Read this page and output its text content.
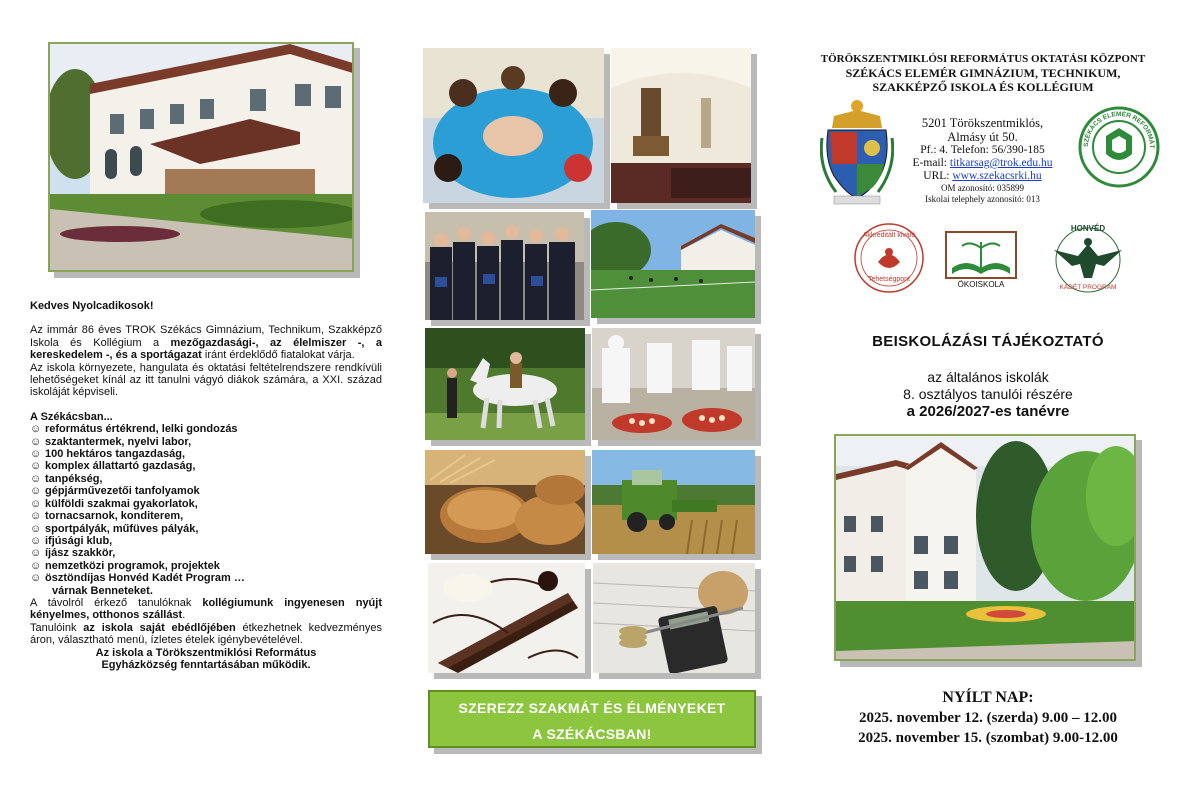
Kedves Nyolcadikosok!

Az immár 86 éves TROK Székács Gimnázium, Technikum, Szakképző Iskola és Kollégium a mezőgazdasági-, az élelmiszer -, a kereskedelem -, és a sportágazat iránt érdeklődő fiatalokat várja.

Az iskola környezete, hangulata és oktatási feltételrendszere rendkívüli lehetőségeket kínál az itt tanulni vágyó diákok számára, a XXI. század iskoláját képviseli.

A Székácsban...

☺ református értékrend, lelki gondozás
☺ szaktantermek, nyelvi labor,
☺ 100 hektáros tangazdaság,
☺ komplex állattartó gazdaság,
☺ tanpékség,
☺ gépjárművezetői tanfolyamok
☺ külföldi szakmai gyakorlatok,
☺ tornacsarnok, konditerem,
☺ sportpályák, műfüves pályák,
☺ ifjúsági klub,
☺ íjász szakkör,
☺ nemzetközi programok, projektek
☺ ösztöndíjas Honvéd Kadét Program …

várnak Benneteket.

A távolról érkező tanulóknak kollégiumunk ingyenesen nyújt kényelmes, otthonos szállást.

Tanulóink az iskola saját ebédlőjében étkezhetnek kedvezményes áron, választható menü, ízletes ételek igénybevételével.

Az iskola a Törökszentmiklósi Református Egyházközség fenntartásában működik.

SZEREZZ SZAKMÁT ÉS ÉLMÉNYEKET
A SZÉKÁCSBAN!
TÖRÖKSZENTMIKLÓSI REFORMÁTUS OKTATÁSI KÖZPONT
SZÉKÁCS ELEMÉR GIMNÁZIUM, TECHNIKUM,
SZAKKÉPZŐ ISKOLA ÉS KOLLÉGIUM
5201 Törökszentmiklós,
Almásy út 50.
Pf.: 4. Telefon: 56/390-185
E-mail: titkarsag@trok.edu.hu
URL: www.szekacsrki.hu
OM azonosító: 035899
Iskolai telephely azonosító: 013
SZÉKÁCS ELEMÉR REFORMÁT
Akkreditált kiváló
Tehetségpont
ÖKOISKOLA
HONVÉD
KADÉT PROGRAM
BEISKOLÁZÁSI TÁJÉKOZTATÓ
az általános iskolák
8. osztályos tanulói részére
a 2026/2027-es tanévre
NYÍLT NAP:
2025. november 12. (szerda) 9.00 – 12.00
2025. november 15. (szombat) 9.00-12.00
